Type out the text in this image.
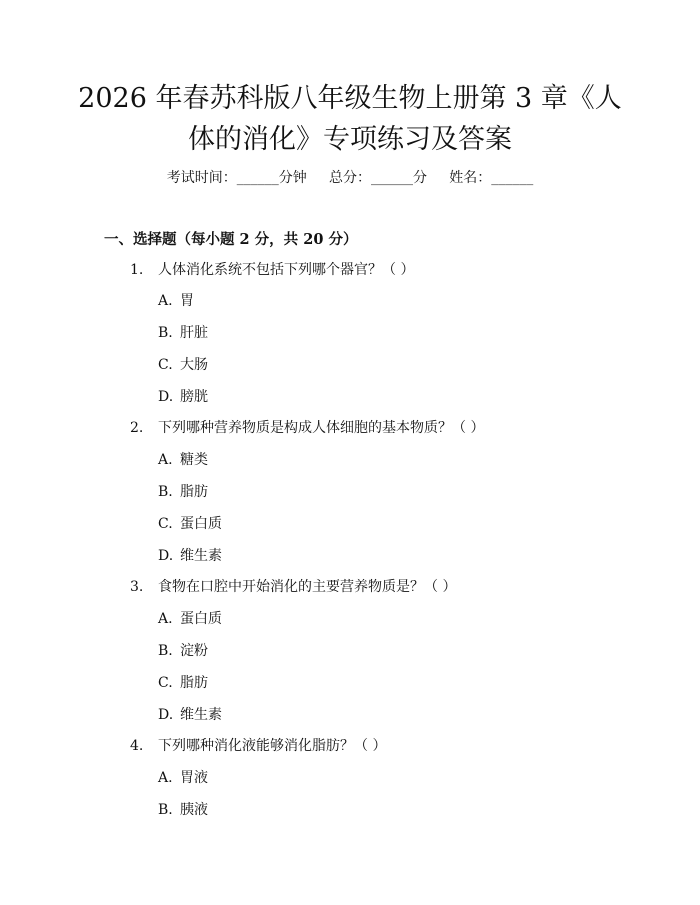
2026 年春苏科版八年级生物上册第 3 章《人
体的消化》专项练习及答案
考试时间：______分钟     总分：______分     姓名：______
一、选择题（每小题 2 分，共 20 分）
1. 人体消化系统不包括下列哪个器官？（ ）
A. 胃
B. 肝脏
C. 大肠
D. 膀胱
2. 下列哪种营养物质是构成人体细胞的基本物质？（ ）
A. 糖类
B. 脂肪
C. 蛋白质
D. 维生素
3. 食物在口腔中开始消化的主要营养物质是？（ ）
A. 蛋白质
B. 淀粉
C. 脂肪
D. 维生素
4. 下列哪种消化液能够消化脂肪？（ ）
A. 胃液
B. 胰液
